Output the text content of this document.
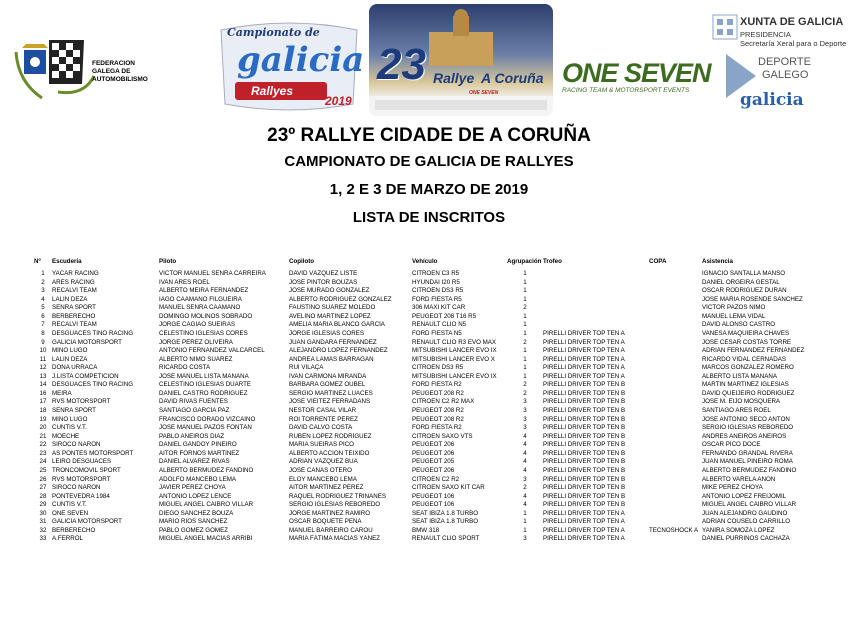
FEDERACION GALEGA DE AUTOMOBILISMO
Campionato de
galicia
Rallyes
2019
23 Rallye A Coruña
ONE SEVEN
ONE SEVEN
RACING TEAM & MOTORSPORT EVENTS
XUNTA DE GALICIA
PRESIDENCIA
Secretaría Xeral para o Deporte
DEPORTE
GALEGO
galicia
23º RALLYE CIDADE DE A CORUÑA
CAMPIONATO DE GALICIA DE RALLYES
1, 2 E 3 DE MARZO DE 2019
LISTA DE INSCRITOS
Nº	Escudería	Piloto	Copiloto	Vehículo	Agrupación	Trofeo	COPA	Asistencia
1	YACAR RACING	VICTOR MANUEL SENRA CARREIRA	DAVID VÁZQUEZ LISTE	CITROEN C3 R5	1			IGNACIO SANTALLA MANSO
2	ARES RACING	IVAN ARES ROEL	JOSE PINTOR BOUZAS	HYUNDAI I20 R5	1			DANIEL ORGEIRA GESTAL
3	RECALVI TEAM	ALBERTO MEIRA FERNANDEZ	JOSE MURADO GONZALEZ	CITROËN DS3 R5	1			OSCAR RODRIGUEZ DURÁN
4	LALIN DEZA	IAGO CAAMAÑO FILGUEIRA	ALBERTO RODRIGUEZ GONZALEZ	FORD FIESTA R5	1			JOSE MARIA ROSENDE SÁNCHEZ
5	SENRA SPORT	MANUEL SENRA CAAMAÑO	FAUSTINO SUÁREZ MOLEDO	306 MAXI KIT CAR	2			VÍCTOR PAZOS NIMO
6	BERBERECHO	DOMINGO MOLINOS SOBRADO	AVELINO MARTÍNEZ LÓPEZ	PEUGEOT 208 T16 R5	1			MANUEL LEMA VIDAL
7	RECALVI TEAM	JORGE CAGIAO SUEIRAS	AMELIA MARIA BLANCO GARCÍA	RENAULT CLIO N5	1			DAVID ALONSO CASTRO
8	DESGUACES TINO RACING	CELESTINO IGLESIAS CORES	JORGE IGLESIAS CORES	FORD FIESTA N5	1	PIRELLI DRIVER TOP TEN A		VANESA MAQUIEIRA CHAVES
9	GALICIA MOTORSPORT	JORGE PÉREZ OLIVEIRA	JUAN GÁNDARA FERNÁNDEZ	RENAULT CLIO R3 EVO MAX	2	PIRELLI DRIVER TOP TEN A		JOSÉ CÉSAR COSTAS TORRE
10	MIÑO LUGO	ANTONIO FERNÁNDEZ VALCÁRCEL	ALEJANDRO LÓPEZ FERNÁNDEZ	MITSUBISHI LANCER EVO IX	1	PIRELLI DRIVER TOP TEN A		ADRIÁN FERNÁNDEZ FERNÁNDEZ
11	LALIN DEZA	ALBERTO NIMO SUÁREZ	ANDREA LAMAS BARRAGÁN	MITSUBISHI LANCER EVO X	1	PIRELLI DRIVER TOP TEN A		RICARDO VIDAL CERNADAS
12	DONA URRACA	RICARDO COSTA	RUI VILAÇA	CITROËN DS3 R5	1	PIRELLI DRIVER TOP TEN A		MARCOS GONZÁLEZ ROMERO
13	J.LISTA COMPETICIÓN	JOSE MANUEL LISTA MAÑANA	IVAN CARMONA MIRANDA	MITSUBISHI LANCER EVO IX	1	PIRELLI DRIVER TOP TEN A		ALBERTO LISTA MAÑANA
14	DESGUACES TINO RACING	CELESTINO IGLESIAS DUARTE	BÁRBARA GÓMEZ OUBEL	FORD FIESTA R2	2	PIRELLI DRIVER TOP TEN B		MARTIN MARTINEZ IGLESIAS
16	MEIRA	DANIEL CASTRO RODRÍGUEZ	SERGIO MARTÍNEZ LUACES	PEUGEOT 208 R2	2	PIRELLI DRIVER TOP TEN B		DAVID QUEIJEIRO RODRIGUEZ
17	RVS MOTORSPORT	DAVID RIVAS FUENTES	JOSE VIEITEZ FERRADANS	CITROEN C2 R2 MAX	3	PIRELLI DRIVER TOP TEN B		JOSE M. EIJO MOSQUERA
18	SENRA SPORT	SANTIAGO GARCÍA PAZ	NESTOR CASAL VILAR	PEUGEOT 208 R2	3	PIRELLI DRIVER TOP TEN B		SANTIAGO ARES ROEL
19	MIÑO LUGO	FRANCISCO DORADO VIZCAÍNO	ROI TORRENTE PÉREZ	PEUGEOT 208 R2	3	PIRELLI DRIVER TOP TEN B		JOSE ANTONIO SECO ANTÓN
20	CUNTIS V.T.	JOSE MANUEL PAZOS FONTÁN	DAVID CALVO COSTA	FORD FIESTA R2	3	PIRELLI DRIVER TOP TEN B		SERGIO IGLESIAS REBOREDO
21	MOECHE	PABLO ANEIROS DIAZ	RUBÉN LÓPEZ RODRÍGUEZ	CITROEN SAXO VTS	4	PIRELLI DRIVER TOP TEN B		ANDRÉS ANEIROS ANEIROS
22	SIROCO NARON	DANIEL GANDOY PIÑEIRO	MARIA SUEIRAS PICO	PEUGEOT 206	4	PIRELLI DRIVER TOP TEN B		OSCAR PICO DOCE
23	AS PONTES MOTORSPORT	AITOR FORNOS MARTÍNEZ	ALBERTO ACCIÓN TEIXIDO	PEUGEOT 206	4	PIRELLI DRIVER TOP TEN B		FERNANDO GRANDAL RIVERA
24	LEIRO DESGUACES	DANIEL ALVAREZ RIVAS	ADRIÁN VÁZQUEZ BÚA	PEUGEOT 205	4	PIRELLI DRIVER TOP TEN B		JUAN MANUEL PIÑEIRO ROMA
25	TRONCOMOVIL SPORT	ALBERTO BERMÚDEZ FANDIÑO	JOSÉ CAÑAS OTERO	PEUGEOT 206	4	PIRELLI DRIVER TOP TEN B		ALBERTO BERMÚDEZ FANDIÑO
26	RVS MOTORSPORT	ADOLFO MANCEBO LEMA	ELOY MANCEBO LEMA	CITROEN C2 R2	3	PIRELLI DRIVER TOP TEN B		ALBERTO VARELA AÑON
27	SIROCO NARON	JAVIER PÉREZ CHOYA	AITOR MARTÍNEZ PEREZ	CITROEN SAXO KIT CAR	2	PIRELLI DRIVER TOP TEN B		MIKE PEREZ CHOYA
28	PONTEVEDRA 1984	ANTONIO LÓPEZ LENCE	RAQUEL RODRÍGUEZ TRIÑANES	PEUGEOT 106	4	PIRELLI DRIVER TOP TEN B		ANTONIO LÓPEZ FREIJOMIL
29	CUNTIS V.T.	MIGUEL ANGEL CAIBRO VILLAR	SERGIO IGLESIAS REBOREDO	PEUGEOT 106	4	PIRELLI DRIVER TOP TEN B		MIGUEL ANGEL CAIBRO VILLAR
30	ONE SEVEN	DIEGO SÁNCHEZ BOUZA	JORGE MARTÍNEZ RAMIRO	SEAT IBIZA 1.8 TURBO	1	PIRELLI DRIVER TOP TEN A		JUAN ALEJANDRO GAUDINO
31	GALICIA MOTORSPORT	MARIO RIOS SÁNCHEZ	OSCAR BOQUETE PEÑA	SEAT IBIZA 1.8 TURBO	1	PIRELLI DRIVER TOP TEN A		ADRIÁN COUSELO CARRILLO
32	BERBERECHO	PABLO GÓMEZ GÓMEZ	MANUEL BARREIRO CAROU	BMW 318	1	PIRELLI DRIVER TOP TEN A	TECNOSHOCK A	YANIRA SOMOZA LÓPEZ
33	A.FERROL	MIGUEL ÁNGEL MACÍAS ARRIBI	MARÍA FÁTIMA MACÍAS YÁÑEZ	RENAULT CLIO SPORT	3	PIRELLI DRIVER TOP TEN A		DANIEL PURRIÑOS CACHAZA
